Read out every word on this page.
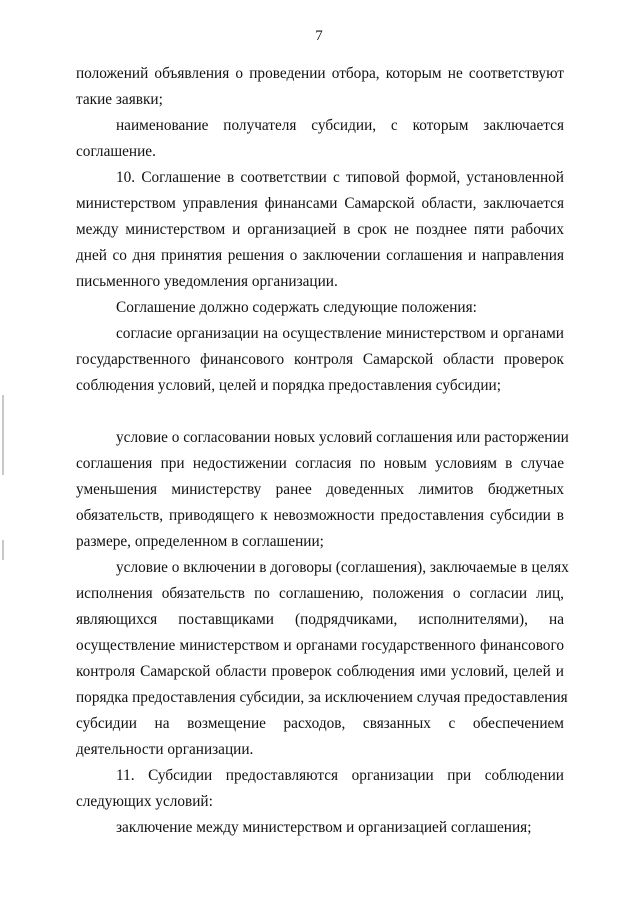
7
положений объявления о проведении отбора, которым не соответствуют
такие заявки;
наименование получателя субсидии, с которым заключается
соглашение.
10. Соглашение в соответствии с типовой формой, установленной
министерством управления финансами Самарской области, заключается
между министерством и организацией в срок не позднее пяти рабочих
дней со дня принятия решения о заключении соглашения и направления
письменного уведомления организации.
Соглашение должно содержать следующие положения:
согласие организации на осуществление министерством и органами
государственного финансового контроля Самарской области проверок
соблюдения условий, целей и порядка предоставления субсидии;
условие о согласовании новых условий соглашения или расторжении
соглашения при недостижении согласия по новым условиям в случае
уменьшения министерству ранее доведенных лимитов бюджетных
обязательств, приводящего к невозможности предоставления субсидии в
размере, определенном в соглашении;
условие о включении в договоры (соглашения), заключаемые в целях
исполнения обязательств по соглашению, положения о согласии лиц,
являющихся поставщиками (подрядчиками, исполнителями), на
осуществление министерством и органами государственного финансового
контроля Самарской области проверок соблюдения ими условий, целей и
порядка предоставления субсидии, за исключением случая предоставления
субсидии на возмещение расходов, связанных с обеспечением
деятельности организации.
11. Субсидии предоставляются организации при соблюдении
следующих условий:
заключение между министерством и организацией соглашения;
